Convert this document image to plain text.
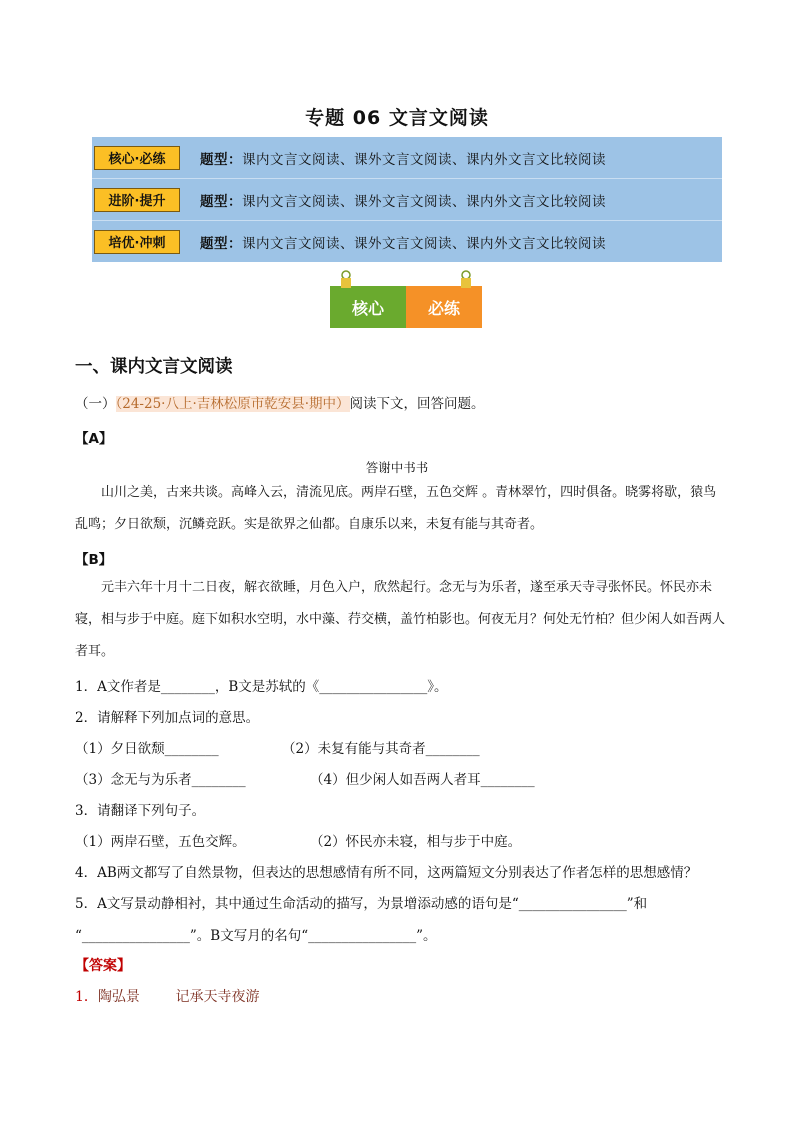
专题 06 文言文阅读
核心·必练	题型：课内文言文阅读、课外文言文阅读、课内外文言文比较阅读
进阶·提升	题型：课内文言文阅读、课外文言文阅读、课内外文言文比较阅读
培优·冲刺	题型：课内文言文阅读、课外文言文阅读、课内外文言文比较阅读
核心	必练
一、课内文言文阅读
（一）（24-25·八上·吉林松原市乾安县·期中）阅读下文，回答问题。
【A】
答谢中书书
山川之美，古来共谈。高峰入云，清流见底。两岸石壁，五色交辉 。青林翠竹，四时俱备。晓雾将歇，猿鸟乱鸣；夕日欲颓，沉鳞竞跃。实是欲界之仙都。自康乐以来，未复有能与其奇者。
【B】
元丰六年十月十二日夜，解衣欲睡，月色入户，欣然起行。念无与为乐者，遂至承天寺寻张怀民。怀民亦未寝，相与步于中庭。庭下如积水空明，水中藻、荇交横，盖竹柏影也。何夜无月？何处无竹柏？但少闲人如吾两人者耳。
1．A文作者是________，B文是苏轼的《________________》。
2．请解释下列加点词的意思。
（1）夕日欲颓________	（2）未复有能与其奇者________
（3）念无与为乐者________	（4）但少闲人如吾两人者耳________
3．请翻译下列句子。
（1）两岸石壁，五色交辉。	（2）怀民亦未寝，相与步于中庭。
4．AB两文都写了自然景物，但表达的思想感情有所不同，这两篇短文分别表达了作者怎样的思想感情？
5．A文写景动静相衬，其中通过生命活动的描写，为景增添动感的语句是“________________”和
“________________”。B文写月的名句“________________”。
【答案】
1．陶弘景        记承天寺夜游
